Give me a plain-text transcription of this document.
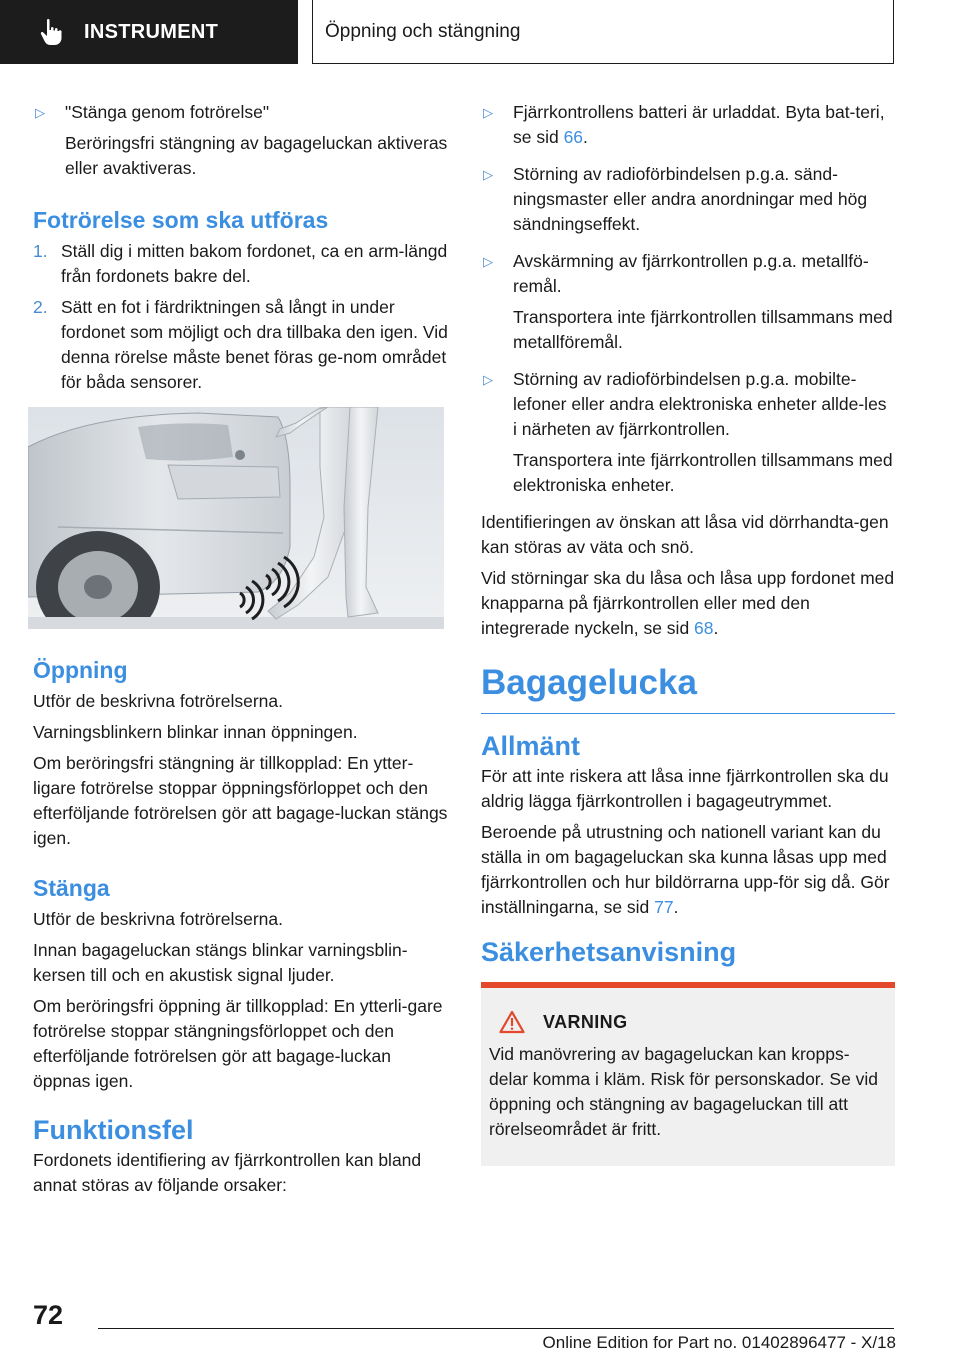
INSTRUMENT	Öppning och stängning
▷	"Stänga genom fotrörelse"

Beröringsfri stängning av bagageluckan aktiveras eller avaktiveras.

Fotrörelse som ska utföras
1. Ställ dig i mitten bakom fordonet, ca en arm‐längd från fordonets bakre del.
2. Sätt en fot i färdriktningen så långt in under fordonet som möjligt och dra tillbaka den igen. Vid denna rörelse måste benet föras ge‐nom området för båda sensorer.
Öppning

Utför de beskrivna fotrörelserna.

Varningsblinkern blinkar innan öppningen.

Om beröringsfri stängning är tillkopplad: En ytter‐ligare fotrörelse stoppar öppningsförloppet och den efterföljande fotrörelsen gör att bagage‐luckan stängs igen.

Stänga

Utför de beskrivna fotrörelserna.

Innan bagageluckan stängs blinkar varningsblin‐kersen till och en akustisk signal ljuder.

Om beröringsfri öppning är tillkopplad: En ytterli‐gare fotrörelse stoppar stängningsförloppet och den efterföljande fotrörelsen gör att bagage‐luckan öppnas igen.

Funktionsfel

Fordonets identifiering av fjärrkontrollen kan bland annat störas av följande orsaker:

▷	Fjärrkontrollens batteri är urladdat. Byta bat‐teri, se sid 66.

▷	Störning av radioförbindelsen p.g.a. sänd‐ningsmaster eller andra anordningar med hög sändningseffekt.

▷	Avskärmning av fjärrkontrollen p.g.a. metallfö‐remål.

Transportera inte fjärrkontrollen tillsammans med metallföremål.

▷	Störning av radioförbindelsen p.g.a. mobilte‐lefoner eller andra elektroniska enheter allde‐les i närheten av fjärrkontrollen.

Transportera inte fjärrkontrollen tillsammans med elektroniska enheter.

Identifieringen av önskan att låsa vid dörrhandta‐gen kan störas av väta och snö.

Vid störningar ska du låsa och låsa upp fordonet med knapparna på fjärrkontrollen eller med den integrerade nyckeln, se sid 68.

Bagagelucka
Allmänt

För att inte riskera att låsa inne fjärrkontrollen ska du aldrig lägga fjärrkontrollen i bagageutrymmet.

Beroende på utrustning och nationell variant kan du ställa in om bagageluckan ska kunna låsas upp med fjärrkontrollen och hur bildörrarna upp‐för sig då. Gör inställningarna, se sid 77.

Säkerhetsanvisning
VARNING

Vid manövrering av bagageluckan kan kropps‐delar komma i kläm. Risk för personskador. Se vid öppning och stängning av bagageluckan till att rörelseområdet är fritt.

72
Online Edition for Part no. 01402896477 - X/18
